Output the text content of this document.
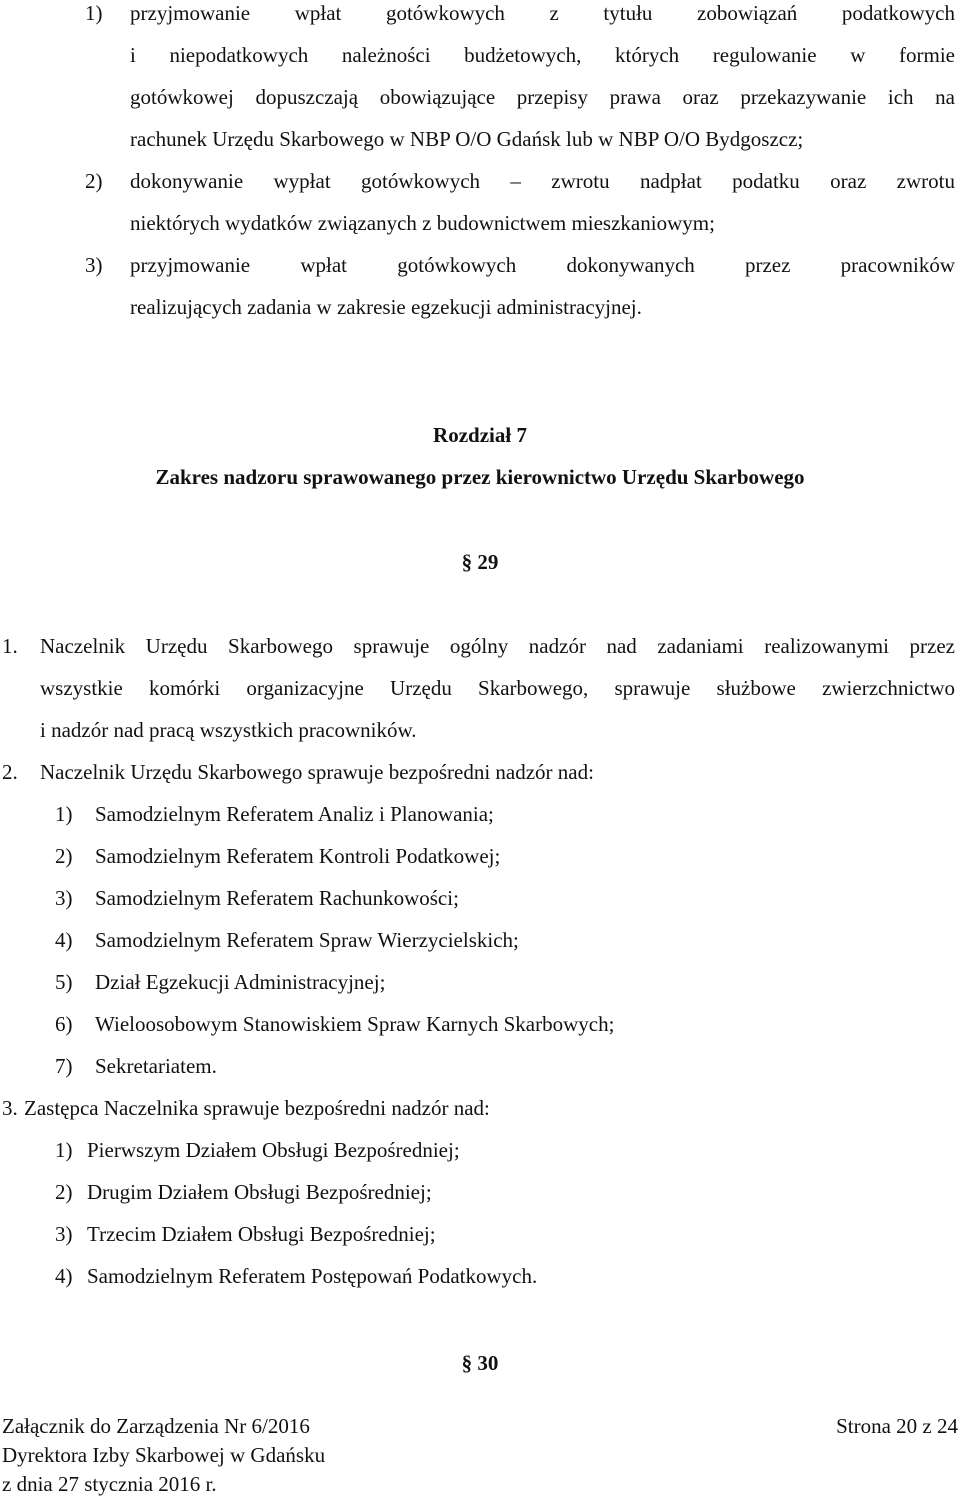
1) przyjmowanie wpłat gotówkowych z tytułu zobowiązań podatkowych
i niepodatkowych należności budżetowych, których regulowanie w formie
gotówkowej dopuszczają obowiązujące przepisy prawa oraz przekazywanie ich na
rachunek Urzędu Skarbowego w NBP O/O Gdańsk lub w NBP O/O Bydgoszcz;
2) dokonywanie wypłat gotówkowych – zwrotu nadpłat podatku oraz zwrotu
niektórych wydatków związanych z budownictwem mieszkaniowym;
3) przyjmowanie wpłat gotówkowych dokonywanych przez pracowników
realizujących zadania w zakresie egzekucji administracyjnej.
Rozdział 7
Zakres nadzoru sprawowanego przez kierownictwo Urzędu Skarbowego
§ 29
1. Naczelnik Urzędu Skarbowego sprawuje ogólny nadzór nad zadaniami realizowanymi przez
wszystkie komórki organizacyjne Urzędu Skarbowego, sprawuje służbowe zwierzchnictwo
i nadzór nad pracą wszystkich pracowników.
2. Naczelnik Urzędu Skarbowego sprawuje bezpośredni nadzór nad:
1) Samodzielnym Referatem Analiz i Planowania;
2) Samodzielnym Referatem Kontroli Podatkowej;
3) Samodzielnym Referatem Rachunkowości;
4) Samodzielnym Referatem Spraw Wierzycielskich;
5) Dział Egzekucji Administracyjnej;
6) Wieloosobowym Stanowiskiem Spraw Karnych Skarbowych;
7) Sekretariatem.
3. Zastępca Naczelnika sprawuje bezpośredni nadzór nad:
1) Pierwszym Działem Obsługi Bezpośredniej;
2) Drugim Działem Obsługi Bezpośredniej;
3) Trzecim Działem Obsługi Bezpośredniej;
4) Samodzielnym Referatem Postępowań Podatkowych.
§ 30
Załącznik do Zarządzenia Nr 6/2016
Dyrektora Izby Skarbowej w Gdańsku
z dnia 27 stycznia 2016 r.
Strona 20 z 24
